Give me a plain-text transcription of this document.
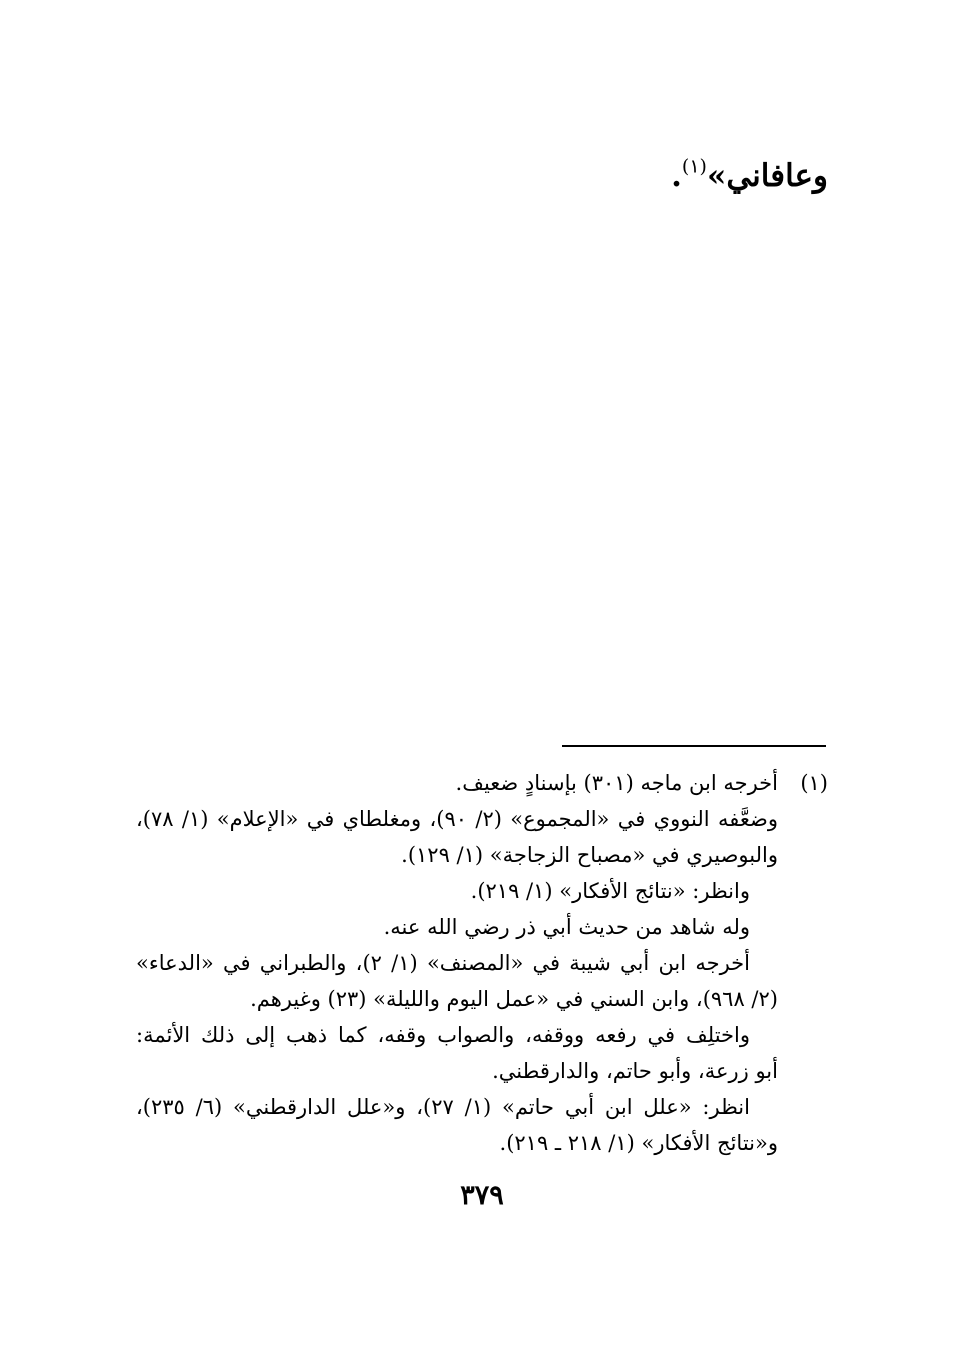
وعافاني»$^{(١)}$.
(١)
أخرجه ابن ماجه (٣٠١) بإسنادٍ ضعيف.
وضعَّفه النووي في «المجموع» (٢/ ٩٠)، ومغلطاي في «الإعلام» (١/ ٧٨)،
والبوصيري في «مصباح الزجاجة» (١/ ١٢٩).
وانظر: «نتائج الأفكار» (١/ ٢١٩).
وله شاهد من حديث أبي ذر رضي الله عنه.
أخرجه ابن أبي شيبة في «المصنف» (١/ ٢)، والطبراني في «الدعاء»
(٢/ ٩٦٨)، وابن السني في «عمل اليوم والليلة» (٢٣) وغيرهم.
واختلِف في رفعه ووقفه، والصواب وقفه، كما ذهب إلى ذلك الأئمة:
أبو زرعة، وأبو حاتم، والدارقطني.
انظر: «علل ابن أبي حاتم» (١/ ٢٧)، و«علل الدارقطني» (٦/ ٢٣٥)،
و«نتائج الأفكار» (١/ ٢١٨ ـ ٢١٩).
٣٧٩
